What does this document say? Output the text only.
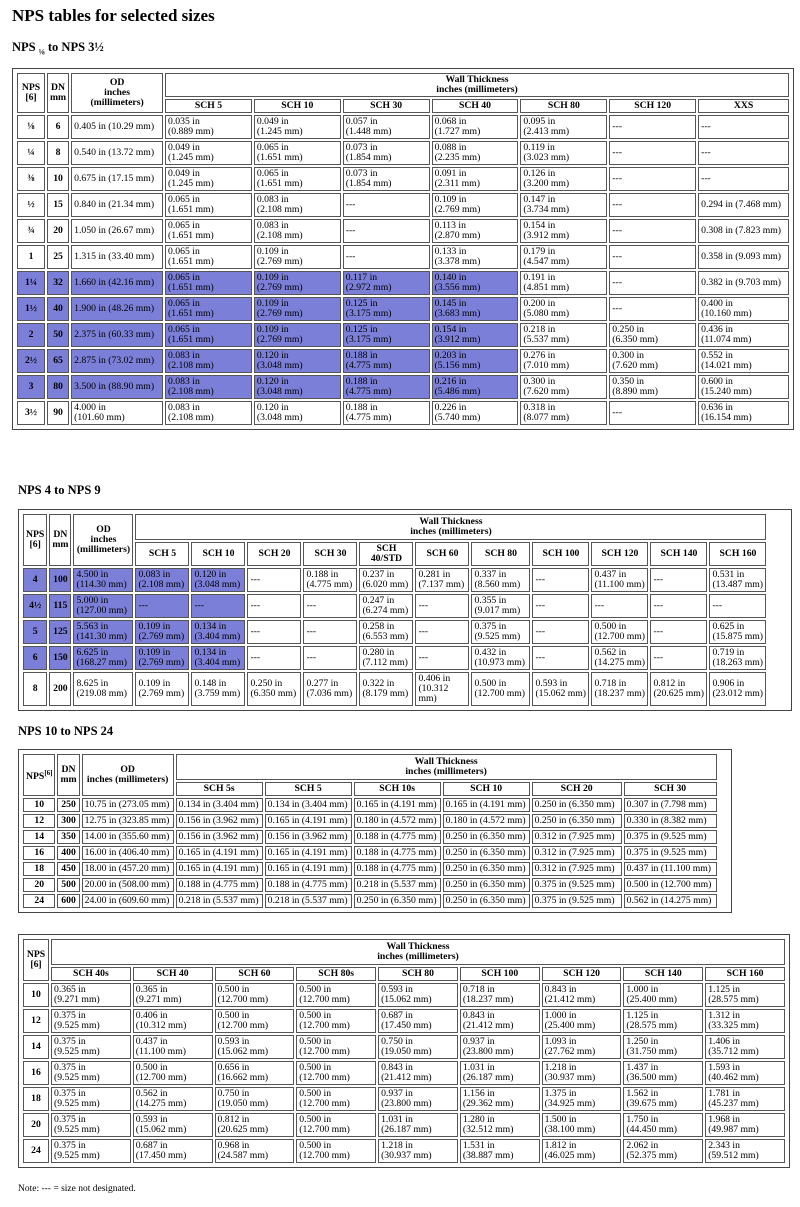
NPS tables for selected sizes
NPS $_{\frac{1}{8}}$ to NPS 3½
NPS
[6]	DN
mm	OD
inches
(millimeters)	Wall Thickness
inches (millimeters)						
			SCH 5	SCH 10	SCH 30	SCH 40	SCH 80	SCH 120	XXS
⅛	6	0.405 in (10.29 mm)	0.035 in
(0.889 mm)	0.049 in
(1.245 mm)	0.057 in
(1.448 mm)	0.068 in
(1.727 mm)	0.095 in
(2.413 mm)	---	---
¼	8	0.540 in (13.72 mm)	0.049 in
(1.245 mm)	0.065 in
(1.651 mm)	0.073 in
(1.854 mm)	0.088 in
(2.235 mm)	0.119 in
(3.023 mm)	---	---
⅜	10	0.675 in (17.15 mm)	0.049 in
(1.245 mm)	0.065 in
(1.651 mm)	0.073 in
(1.854 mm)	0.091 in
(2.311 mm)	0.126 in
(3.200 mm)	---	---
½	15	0.840 in (21.34 mm)	0.065 in
(1.651 mm)	0.083 in
(2.108 mm)	---	0.109 in
(2.769 mm)	0.147 in
(3.734 mm)	---	0.294 in (7.468 mm)
¾	20	1.050 in (26.67 mm)	0.065 in
(1.651 mm)	0.083 in
(2.108 mm)	---	0.113 in
(2.870 mm)	0.154 in
(3.912 mm)	---	0.308 in (7.823 mm)
1	25	1.315 in (33.40 mm)	0.065 in
(1.651 mm)	0.109 in
(2.769 mm)	---	0.133 in
(3.378 mm)	0.179 in
(4.547 mm)	---	0.358 in (9.093 mm)
1¼	32	1.660 in (42.16 mm)	0.065 in
(1.651 mm)	0.109 in
(2.769 mm)	0.117 in
(2.972 mm)	0.140 in
(3.556 mm)	0.191 in
(4.851 mm)	---	0.382 in (9.703 mm)
1½	40	1.900 in (48.26 mm)	0.065 in
(1.651 mm)	0.109 in
(2.769 mm)	0.125 in
(3.175 mm)	0.145 in
(3.683 mm)	0.200 in
(5.080 mm)	---	0.400 in
(10.160 mm)
2	50	2.375 in (60.33 mm)	0.065 in
(1.651 mm)	0.109 in
(2.769 mm)	0.125 in
(3.175 mm)	0.154 in
(3.912 mm)	0.218 in
(5.537 mm)	0.250 in
(6.350 mm)	0.436 in
(11.074 mm)
2½	65	2.875 in (73.02 mm)	0.083 in
(2.108 mm)	0.120 in
(3.048 mm)	0.188 in
(4.775 mm)	0.203 in
(5.156 mm)	0.276 in
(7.010 mm)	0.300 in
(7.620 mm)	0.552 in
(14.021 mm)
3	80	3.500 in (88.90 mm)	0.083 in
(2.108 mm)	0.120 in
(3.048 mm)	0.188 in
(4.775 mm)	0.216 in
(5.486 mm)	0.300 in
(7.620 mm)	0.350 in
(8.890 mm)	0.600 in
(15.240 mm)
3½	90	4.000 in
(101.60 mm)	0.083 in
(2.108 mm)	0.120 in
(3.048 mm)	0.188 in
(4.775 mm)	0.226 in
(5.740 mm)	0.318 in
(8.077 mm)	---	0.636 in
(16.154 mm)
NPS 4 to NPS 9
NPS
[6]	DN
mm	OD
inches
(millimeters)	Wall Thickness
inches (millimeters)										
			SCH 5	SCH 10	SCH 20	SCH 30	SCH
40/STD	SCH 60	SCH 80	SCH 100	SCH 120	SCH 140	SCH 160
4	100	4.500 in
(114.30 mm)	0.083 in
(2.108 mm)	0.120 in
(3.048 mm)	---	0.188 in
(4.775 mm)	0.237 in
(6.020 mm)	0.281 in
(7.137 mm)	0.337 in
(8.560 mm)	---	0.437 in
(11.100 mm)	---	0.531 in
(13.487 mm)
4½	115	5.000 in
(127.00 mm)	---	---	---	---	0.247 in
(6.274 mm)	---	0.355 in
(9.017 mm)	---	---	---	---
5	125	5.563 in
(141.30 mm)	0.109 in
(2.769 mm)	0.134 in
(3.404 mm)	---	---	0.258 in
(6.553 mm)	---	0.375 in
(9.525 mm)	---	0.500 in
(12.700 mm)	---	0.625 in
(15.875 mm)
6	150	6.625 in
(168.27 mm)	0.109 in
(2.769 mm)	0.134 in
(3.404 mm)	---	---	0.280 in
(7.112 mm)	---	0.432 in
(10.973 mm)	---	0.562 in
(14.275 mm)	---	0.719 in
(18.263 mm)
8	200	8.625 in
(219.08 mm)	0.109 in
(2.769 mm)	0.148 in
(3.759 mm)	0.250 in
(6.350 mm)	0.277 in
(7.036 mm)	0.322 in
(8.179 mm)	0.406 in
(10.312 mm)	0.500 in
(12.700 mm)	0.593 in
(15.062 mm)	0.718 in
(18.237 mm)	0.812 in
(20.625 mm)	0.906 in
(23.012 mm)
NPS 10 to NPS 24
NPS[6]	DN
mm	OD
inches (millimeters)	Wall Thickness
inches (millimeters)					
			SCH 5s	SCH 5	SCH 10s	SCH 10	SCH 20	SCH 30
10	250	10.75 in (273.05 mm)	0.134 in (3.404 mm)	0.134 in (3.404 mm)	0.165 in (4.191 mm)	0.165 in (4.191 mm)	0.250 in (6.350 mm)	0.307 in (7.798 mm)
12	300	12.75 in (323.85 mm)	0.156 in (3.962 mm)	0.165 in (4.191 mm)	0.180 in (4.572 mm)	0.180 in (4.572 mm)	0.250 in (6.350 mm)	0.330 in (8.382 mm)
14	350	14.00 in (355.60 mm)	0.156 in (3.962 mm)	0.156 in (3.962 mm)	0.188 in (4.775 mm)	0.250 in (6.350 mm)	0.312 in (7.925 mm)	0.375 in (9.525 mm)
16	400	16.00 in (406.40 mm)	0.165 in (4.191 mm)	0.165 in (4.191 mm)	0.188 in (4.775 mm)	0.250 in (6.350 mm)	0.312 in (7.925 mm)	0.375 in (9.525 mm)
18	450	18.00 in (457.20 mm)	0.165 in (4.191 mm)	0.165 in (4.191 mm)	0.188 in (4.775 mm)	0.250 in (6.350 mm)	0.312 in (7.925 mm)	0.437 in (11.100 mm)
20	500	20.00 in (508.00 mm)	0.188 in (4.775 mm)	0.188 in (4.775 mm)	0.218 in (5.537 mm)	0.250 in (6.350 mm)	0.375 in (9.525 mm)	0.500 in (12.700 mm)
24	600	24.00 in (609.60 mm)	0.218 in (5.537 mm)	0.218 in (5.537 mm)	0.250 in (6.350 mm)	0.250 in (6.350 mm)	0.375 in (9.525 mm)	0.562 in (14.275 mm)
NPS
[6]	Wall Thickness
inches (millimeters)								
	SCH 40s	SCH 40	SCH 60	SCH 80s	SCH 80	SCH 100	SCH 120	SCH 140	SCH 160
10	0.365 in
(9.271 mm)	0.365 in
(9.271 mm)	0.500 in
(12.700 mm)	0.500 in
(12.700 mm)	0.593 in
(15.062 mm)	0.718 in
(18.237 mm)	0.843 in
(21.412 mm)	1.000 in
(25.400 mm)	1.125 in
(28.575 mm)
12	0.375 in
(9.525 mm)	0.406 in
(10.312 mm)	0.500 in
(12.700 mm)	0.500 in
(12.700 mm)	0.687 in
(17.450 mm)	0.843 in
(21.412 mm)	1.000 in
(25.400 mm)	1.125 in
(28.575 mm)	1.312 in
(33.325 mm)
14	0.375 in
(9.525 mm)	0.437 in
(11.100 mm)	0.593 in
(15.062 mm)	0.500 in
(12.700 mm)	0.750 in
(19.050 mm)	0.937 in
(23.800 mm)	1.093 in
(27.762 mm)	1.250 in
(31.750 mm)	1.406 in
(35.712 mm)
16	0.375 in
(9.525 mm)	0.500 in
(12.700 mm)	0.656 in
(16.662 mm)	0.500 in
(12.700 mm)	0.843 in
(21.412 mm)	1.031 in
(26.187 mm)	1.218 in
(30.937 mm)	1.437 in
(36.500 mm)	1.593 in
(40.462 mm)
18	0.375 in
(9.525 mm)	0.562 in
(14.275 mm)	0.750 in
(19.050 mm)	0.500 in
(12.700 mm)	0.937 in
(23.800 mm)	1.156 in
(29.362 mm)	1.375 in
(34.925 mm)	1.562 in
(39.675 mm)	1.781 in
(45.237 mm)
20	0.375 in
(9.525 mm)	0.593 in
(15.062 mm)	0.812 in
(20.625 mm)	0.500 in
(12.700 mm)	1.031 in
(26.187 mm)	1.280 in
(32.512 mm)	1.500 in
(38.100 mm)	1.750 in
(44.450 mm)	1.968 in
(49.987 mm)
24	0.375 in
(9.525 mm)	0.687 in
(17.450 mm)	0.968 in
(24.587 mm)	0.500 in
(12.700 mm)	1.218 in
(30.937 mm)	1.531 in
(38.887 mm)	1.812 in
(46.025 mm)	2.062 in
(52.375 mm)	2.343 in
(59.512 mm)
Note: --- = size not designated.
